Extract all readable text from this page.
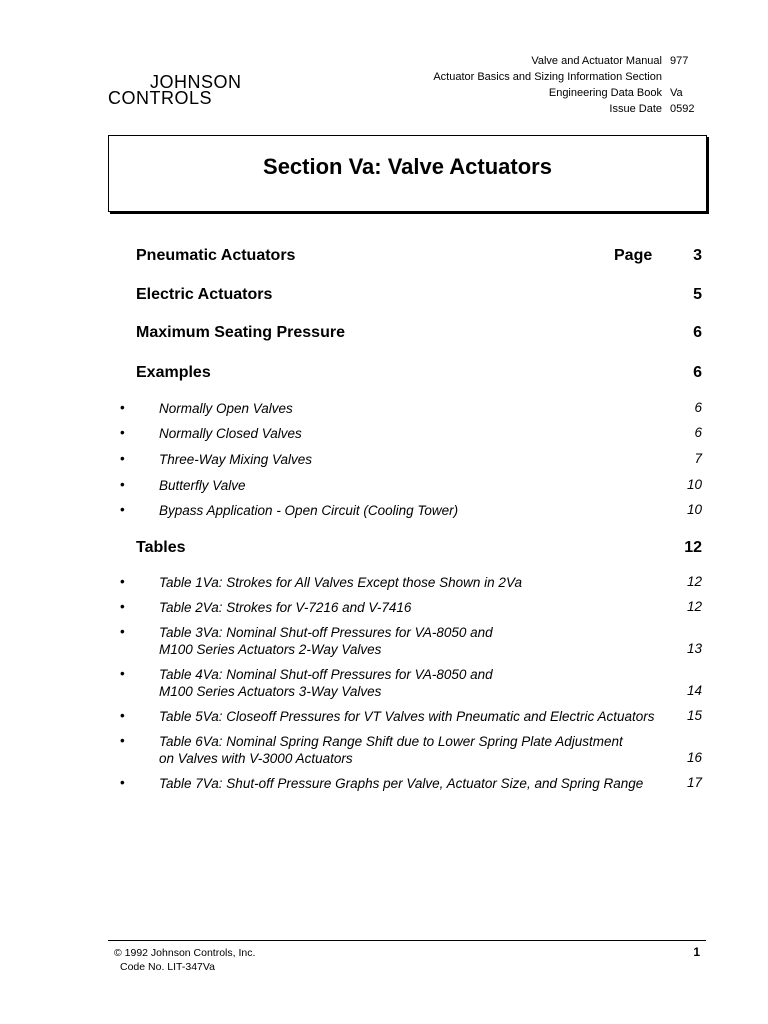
JOHNSON
CONTROLS
Valve and Actuator Manual 977
Actuator Basics and Sizing Information Section
Engineering Data Book Va
Issue Date 0592
Section Va: Valve Actuators
Pneumatic Actuators	Page	3
Electric Actuators	5
Maximum Seating Pressure	6
Examples	6
•	Normally Open Valves	6
•	Normally Closed Valves	6
•	Three-Way Mixing Valves	7
•	Butterfly Valve	10
•	Bypass Application - Open Circuit (Cooling Tower)	10
Tables	12
•	Table 1Va: Strokes for All Valves Except those Shown in 2Va	12
•	Table 2Va: Strokes for V-7216 and V-7416	12
•	Table 3Va: Nominal Shut-off Pressures for VA-8050 and
M100 Series Actuators 2-Way Valves	13
•	Table 4Va: Nominal Shut-off Pressures for VA-8050 and
M100 Series Actuators 3-Way Valves	14
•	Table 5Va: Closeoff Pressures for VT Valves with Pneumatic and Electric Actuators	15
•	Table 6Va: Nominal Spring Range Shift due to Lower Spring Plate Adjustment
on Valves with V-3000 Actuators	16
•	Table 7Va: Shut-off Pressure Graphs per Valve, Actuator Size, and Spring Range	17
© 1992 Johnson Controls, Inc.
Code No. LIT-347Va
1
